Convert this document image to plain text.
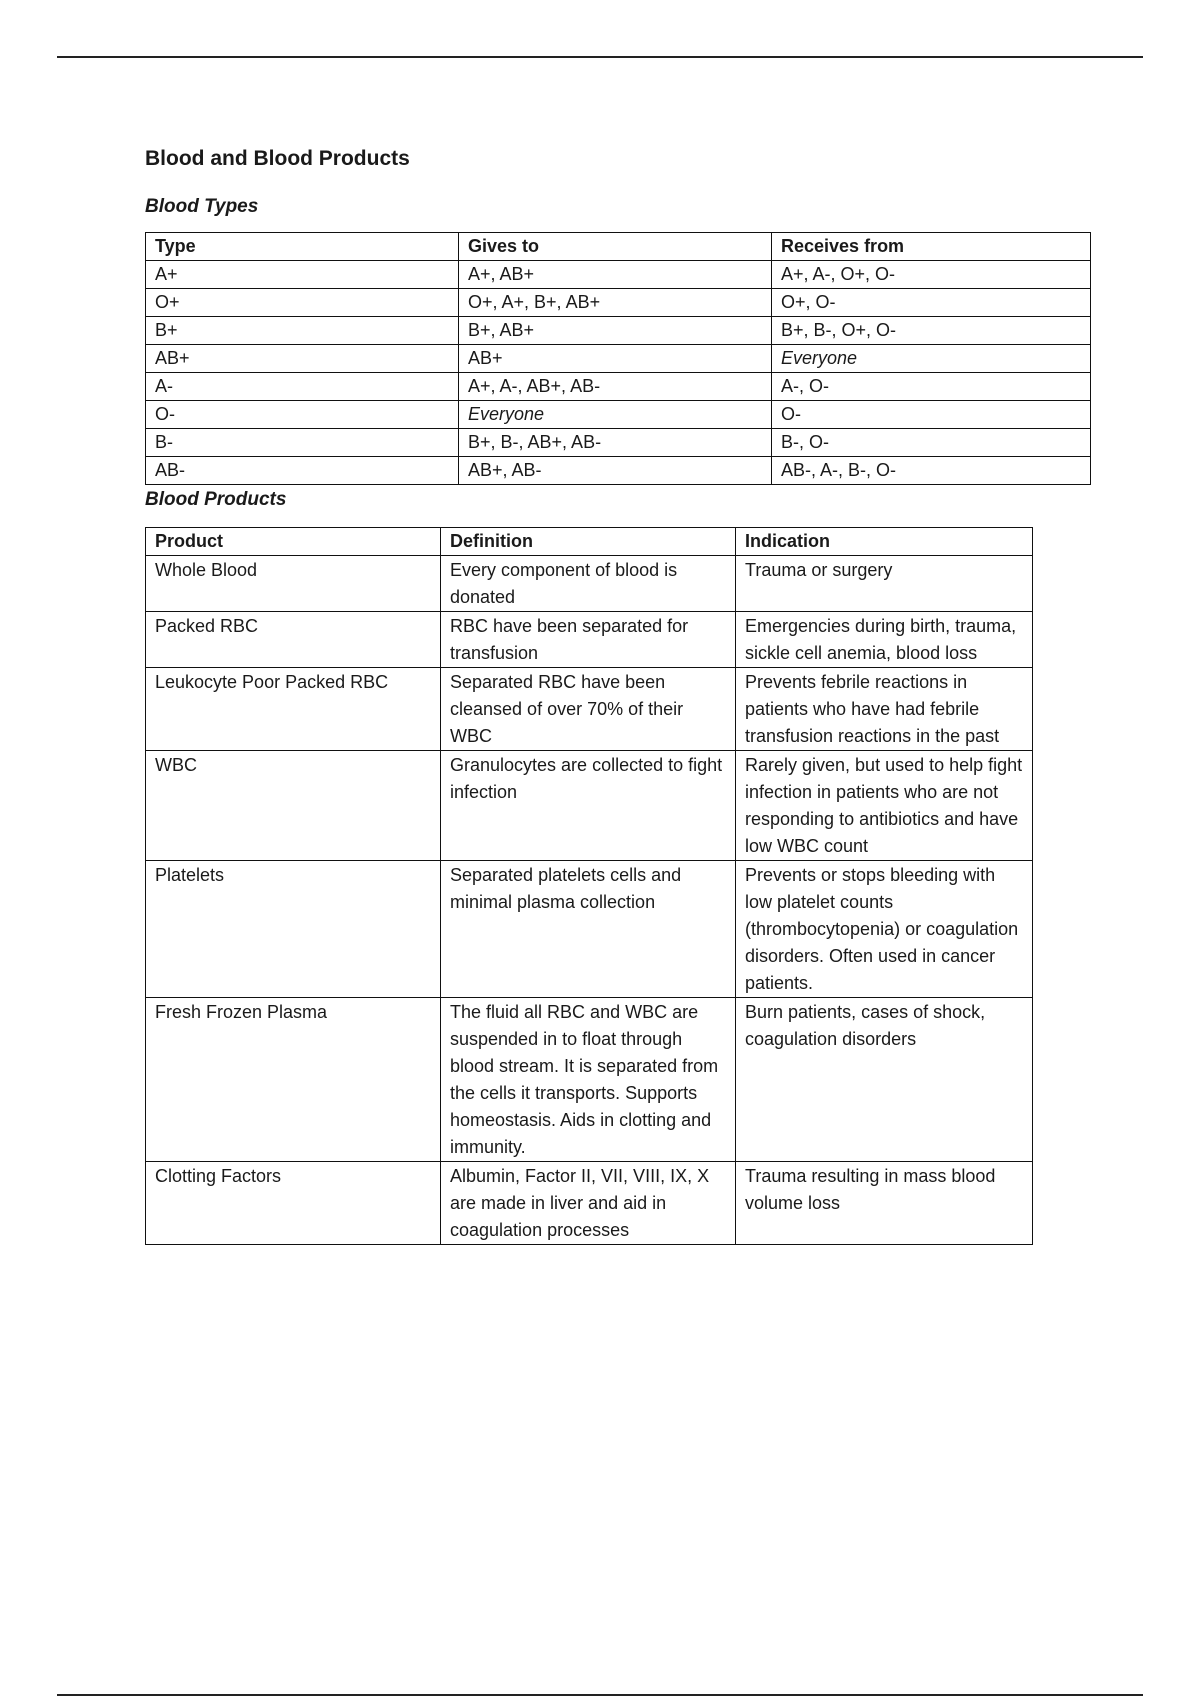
Blood and Blood Products
Blood Types
Type	Gives to	Receives from
A+	A+, AB+	A+, A-, O+, O-
O+	O+, A+, B+, AB+	O+, O-
B+	B+, AB+	B+, B-, O+, O-
AB+	AB+	Everyone
A-	A+, A-, AB+, AB-	A-, O-
O-	Everyone	O-
B-	B+, B-, AB+, AB-	B-, O-
AB-	AB+, AB-	AB-, A-, B-, O-
Blood Products
Product	Definition	Indication
Whole Blood	Every component of blood is donated	Trauma or surgery
Packed RBC	RBC have been separated for transfusion	Emergencies during birth, trauma, sickle cell anemia, blood loss
Leukocyte Poor Packed RBC	Separated RBC have been cleansed of over 70% of their WBC	Prevents febrile reactions in patients who have had febrile transfusion reactions in the past
WBC	Granulocytes are collected to fight infection	Rarely given, but used to help fight infection in patients who are not responding to antibiotics and have low WBC count
Platelets	Separated platelets cells and minimal plasma collection	Prevents or stops bleeding with low platelet counts (thrombocytopenia) or coagulation disorders. Often used in cancer patients.
Fresh Frozen Plasma	The fluid all RBC and WBC are suspended in to float through blood stream. It is separated from the cells it transports. Supports homeostasis. Aids in clotting and immunity.	Burn patients, cases of shock, coagulation disorders
Clotting Factors	Albumin, Factor II, VII, VIII, IX, X are made in liver and aid in coagulation processes	Trauma resulting in mass blood volume loss
